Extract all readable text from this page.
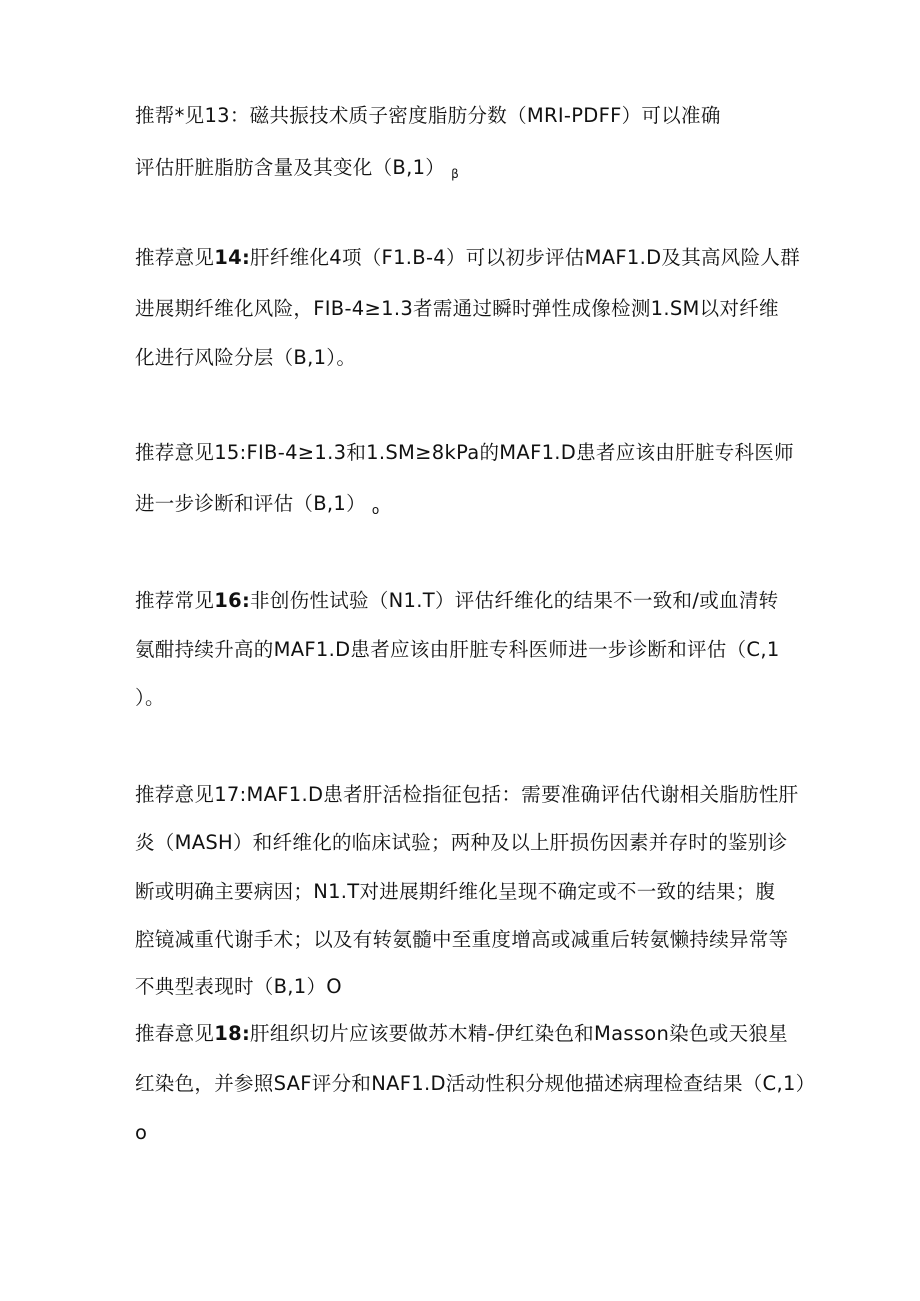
推帮*见13：磁共振技术质子密度脂肪分数（MRI-PDFF）可以准确

评估肝脏脂肪含量及其变化（B,1） $_\beta$

推荐意见14:肝纤维化4项（F1.B-4）可以初步评估MAF1.D及其高风险人群

进展期纤维化风险，FIB-4≥1.3者需通过瞬时弹性成像检测1.SM以对纤维

化进行风险分层（B,1）。

推荐意见15:FIB-4≥1.3和1.SM≥8kPa的MAF1.D患者应该由肝脏专科医师

进一步诊断和评估（B,1） $_o$

推荐常见16:非创伤性试验（N1.T）评估纤维化的结果不一致和/或血清转

氨酣持续升高的MAF1.D患者应该由肝脏专科医师进一步诊断和评估（C,1

）。

推荐意见17:MAF1.D患者肝活检指征包括：需要准确评估代谢相关脂肪性肝

炎（MASH）和纤维化的临床试验；两种及以上肝损伤因素并存时的鉴别诊

断或明确主要病因；N1.T对进展期纤维化呈现不确定或不一致的结果；腹

腔镜减重代谢手术；以及有转氨髓中至重度增高或减重后转氨懒持续异常等

不典型表现时（B,1）O

推春意见18:肝组织切片应该要做苏木精-伊红染色和Masson染色或天狼星

红染色，并参照SAF评分和NAF1.D活动性积分规他描述病理检查结果（C,1）

o
